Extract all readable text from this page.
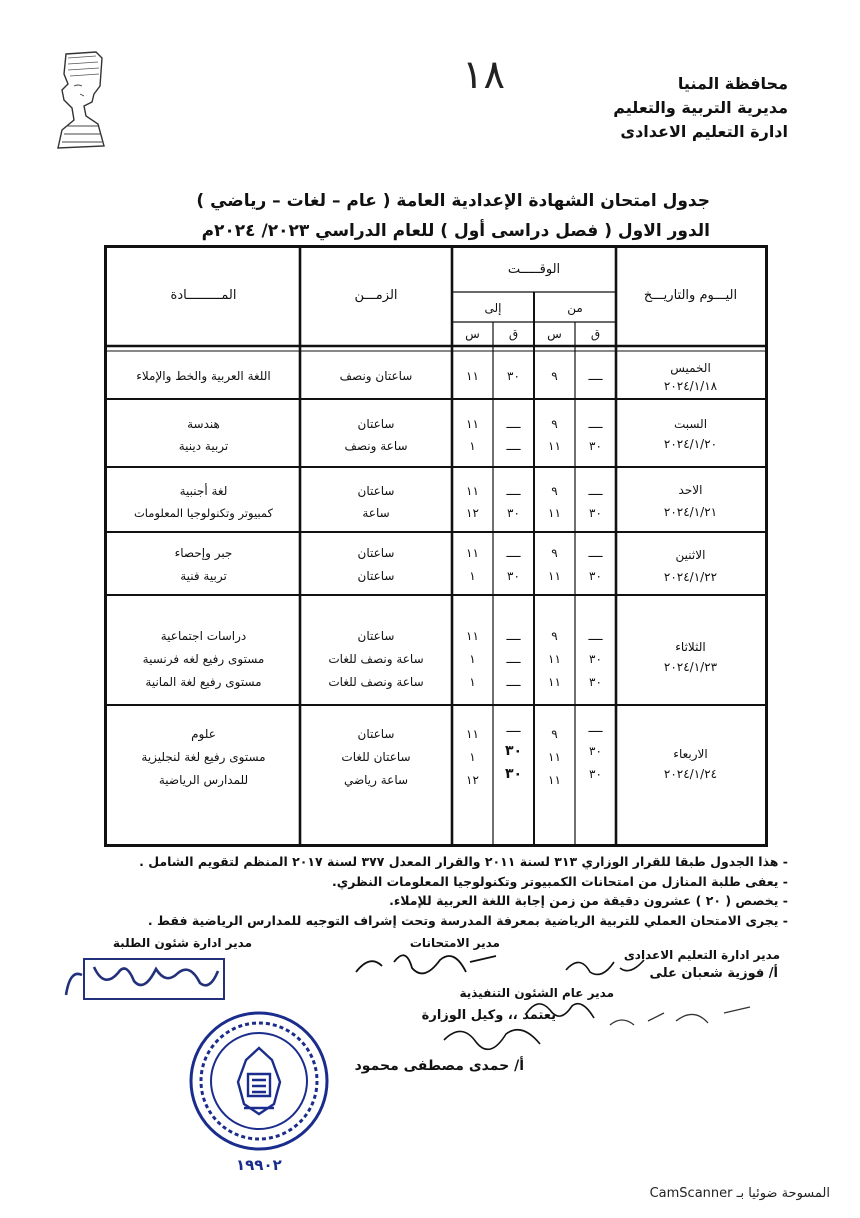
محافظة المنيا
مديرية التربية والتعليم
ادارة التعليم الاعدادى
١٨
جدول امتحان الشهادة الإعدادية العامة ( عام – لغات – رياضي )
الدور الاول ( فصل دراسى أول ) للعام الدراسي ٢٠٢٣/ ٢٠٢٤م
اليـــوم والتاريـــخ
الوقـــــت
من
إلى
ق
س
ق
س
الزمـــن
المـــــــــادة
الخميس
٢٠٢٤/١/١٨
ــــ
٩
٣٠
١١
ساعتان ونصف
اللغة العربية والخط والإملاء
السبت
٢٠٢٤/١/٢٠
ــــ
٣٠
٩
١١
ــــ
ــــ
١١
١
ساعتان
ساعة ونصف
هندسة
تربية دينية
الاحد
٢٠٢٤/١/٢١
ــــ
٣٠
٩
١١
ــــ
٣٠
١١
١٢
ساعتان
ساعة
لغة أجنبية
كمبيوتر وتكنولوجيا المعلومات
الاثنين
٢٠٢٤/١/٢٢
ــــ
٣٠
٩
١١
ــــ
٣٠
١١
١
ساعتان
ساعتان
جبر وإحصاء
تربية فنية
الثلاثاء
٢٠٢٤/١/٢٣
ــــ
٣٠
٣٠
٩
١١
١١
ــــ
ــــ
ــــ
١١
١
١
ساعتان
ساعة ونصف للغات
ساعة ونصف للغات
دراسات اجتماعية
مستوى رفيع لغه فرنسية
مستوى رفيع لغة المانية
الاربعاء
٢٠٢٤/١/٢٤
ــــ
٣٠
٣٠
٩
١١
١١
ــــ
٣٠
٣٠
١١
١
١٢
ساعتان
ساعتان للغات
ساعة رياضي
علوم
مستوى رفيع لغة لنجليزية
للمدارس الرياضية
- هذا الجدول طبقا للقرار الوزاري ٣١٣ لسنة ٢٠١١ والقرار المعدل ٣٧٧ لسنة ٢٠١٧ المنظم لتقويم الشامل .
- يعفى طلبة المنازل من امتحانات الكمبيوتر وتكنولوجيا المعلومات النظري.
- يخصص ( ٢٠ ) عشرون دقيقة من زمن إجابة اللغة العربية للإملاء.
- يجرى الامتحان العملي للتربية الرياضية بمعرفة المدرسة وتحت إشراف التوجيه للمدارس الرياضية فقط .
مدير ادارة شئون الطلبة	مدير الامتحانات
مدير ادارة التعليم الاعدادى
أ/ فوزية شعبان على
مدير عام الشئون التنفيذية
يعتمد ،، وكيل الوزارة
أ/ حمدى مصطفى محمود
١٩٩٠٢
المسوحة ضوئيا بـ CamScanner
